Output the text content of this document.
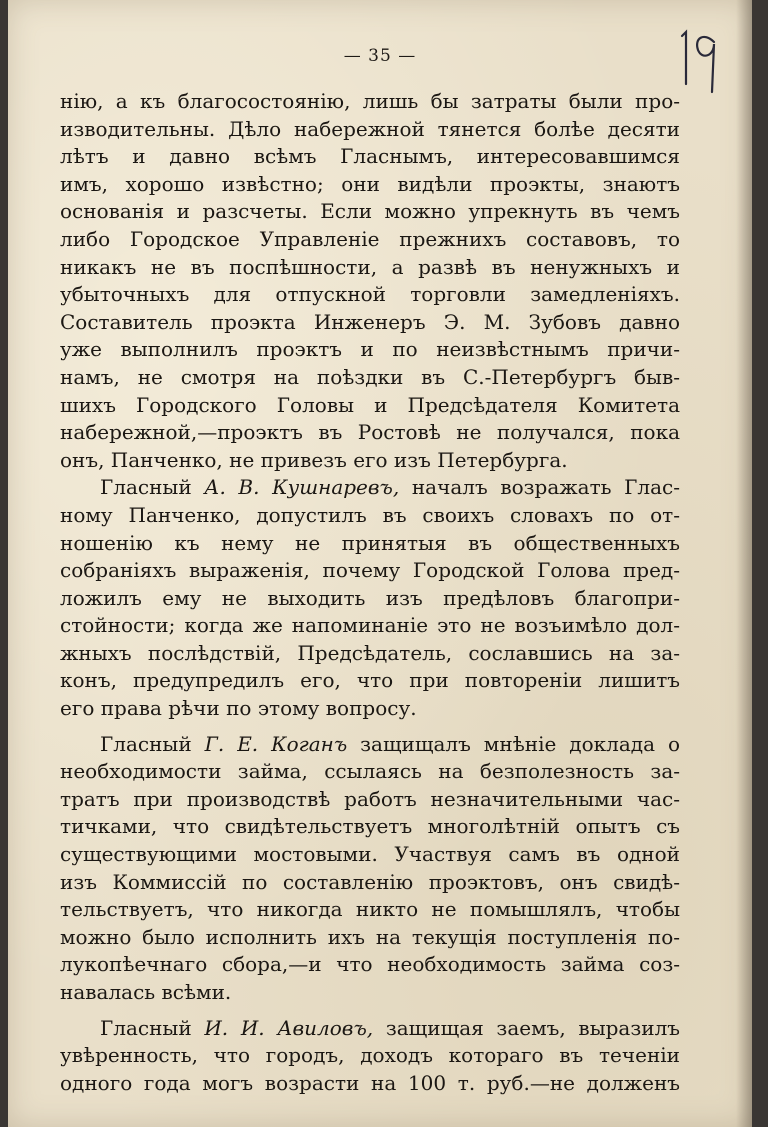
— 35 —
нію, а къ благосостоянію, лишь бы затраты были про-
изводительны. Дѣло набережной тянется болѣе десяти
лѣтъ и давно всѣмъ Гласнымъ, интересовавшимся
имъ, хорошо извѣстно; они видѣли проэкты, знаютъ
основанія и разсчеты. Если можно упрекнуть въ чемъ
либо Городское Управленіе прежнихъ составовъ, то
никакъ не въ поспѣшности, а развѣ въ ненужныхъ и
убыточныхъ для отпускной торговли замедленіяхъ.
Составитель проэкта Инженеръ Э. М. Зубовъ давно
уже выполнилъ проэктъ и по неизвѣстнымъ причи-
намъ, не смотря на поѣздки въ С.-Петербургъ быв-
шихъ Городского Головы и Предсѣдателя Комитета
набережной,—проэктъ въ Ростовѣ не получался, пока
онъ, Панченко, не привезъ его изъ Петербурга.
Гласный А. В. Кушнаревъ, началъ возражать Глас-
ному Панченко, допустилъ въ своихъ словахъ по от-
ношенію къ нему не принятыя въ общественныхъ
собраніяхъ выраженія, почему Городской Голова пред-
ложилъ ему не выходить изъ предѣловъ благопри-
стойности; когда же напоминаніе это не возъимѣло дол-
жныхъ послѣдствій, Предсѣдатель, сославшись на за-
конъ, предупредилъ его, что при повтореніи лишитъ
его права рѣчи по этому вопросу.
Гласный Г. Е. Коганъ защищалъ мнѣніе доклада о
необходимости займа, ссылаясь на безполезность за-
тратъ при производствѣ работъ незначительными час-
тичками, что свидѣтельствуетъ многолѣтній опытъ съ
существующими мостовыми. Участвуя самъ въ одной
изъ Коммиссій по составленію проэктовъ, онъ свидѣ-
тельствуетъ, что никогда никто не помышлялъ, чтобы
можно было исполнить ихъ на текущія поступленія по-
лукопѣечнаго сбора,—и что необходимость займа соз-
навалась всѣми.
Гласный И. И. Авиловъ, защищая заемъ, выразилъ
увѣренность, что городъ, доходъ котораго въ теченіи
одного года могъ возрасти на 100 т. руб.—не долженъ
